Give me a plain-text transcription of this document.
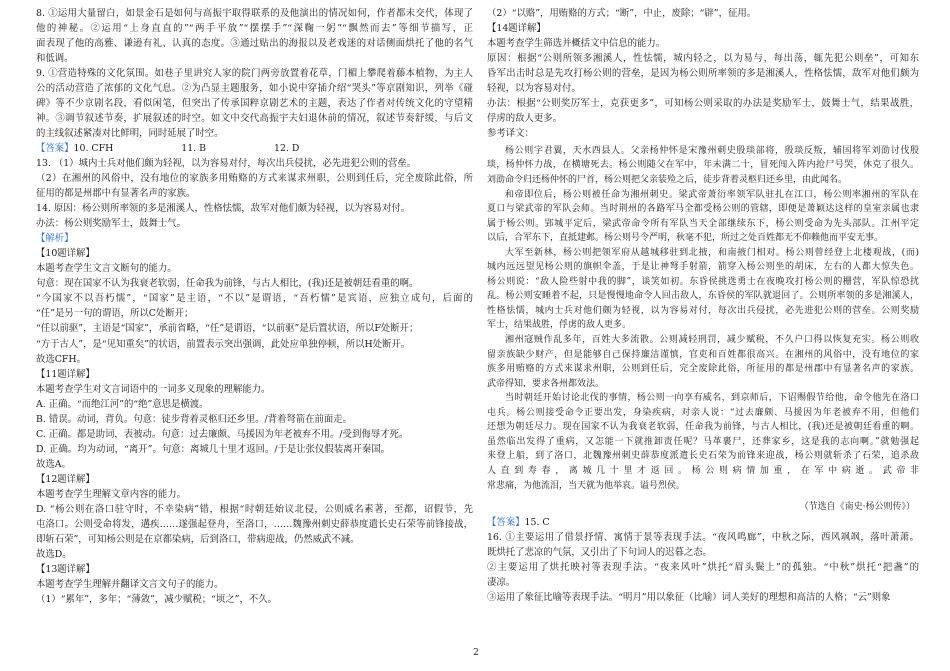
8. ①运用大量留白，如景金石是如何与高振宇取得联系的及他演出的情况如何，作者都未交代，体现了
他的神秘。②运用“上身直直的”“两手平放”“摆摆手”“深鞠一躬”“飘然而去”等细节描写，正
面表现了他的高雅、谦逊有礼、认真的态度。③通过贴出的海报以及老戏迷的对话侧面烘托了他的名气
和低调。
9. ①营造特殊的文化氛围。如巷子里讲究人家的院门两旁放置着花草，门楣上攀爬着藤本植物，为主人
公的活动营造了浓郁的文化气息。②为凸显主题服务，如小说中穿插介绍“哭头”等京剧知识，列举《碰
碑》等不少京剧名段，看似闲笔，但突出了传承国粹京剧艺术的主题，表达了作者对传统文化的守望精
神。③调节叙述节奏，扩展叙述的时空。如文中交代高振宇夫妇退休前的情况，叙述节奏舒缓，与后文
的主线叙述紧凑对比鲜明，同时延展了时空。
【答案】10. CFH	11. B	12. D
13. （1）城内士兵对他们颇为轻视，以为容易对付，每次出兵侵扰，必先进犯公则的营垒。
（2）在湘州的风俗中，没有地位的家族多用贿赂的方式来谋求州职，公则到任后，完全废除此俗，所
征用的都是州郡中有显著名声的家族。
14. 原因：杨公则所率领的多是湘溪人，性格怯懦，敌军对他们颇为轻视，以为容易对付。
办法：杨公则奖励军士，鼓舞士气。
【解析】
【10题详解】
本题考查学生文言文断句的能力。
句意：现在国家不认为我衰老软弱，任命我为前锋，与古人相比，(我)还是被朝廷看重的啊。
“今国家不以吾朽懦”，“国家”是主语，“不以”是谓语，“吾朽懦”是宾语，应独立成句，后面的
“任”是另一句的谓语，所以C处断开；
“任以前驱”，主语是“国家”，承前省略，“任”是谓语，“以前驱”是后置状语，所以F处断开；
“方于古人”，是“见知重矣”的状语，前置表示突出强调，此处应单独停顿，所以H处断开。
故选CFH。
【11题详解】
本题考查学生对文言词语中的一词多义现象的理解能力。
A. 正确。“而绝江河”的“绝”意思是横渡。
B. 错误。动词，背负。句意：徒步背着灵柩归还乡里。/背着弩箭在前面走。
C. 正确。都是助词，表被动。句意：过去廉颇、马援因为年老被弃不用。/受到侮辱才死。
D. 正确。均为动词，“离开”。句意：离城几十里才返回。/于是让张仪假装离开秦国。
故选A。
【12题详解】
本题考查学生理解文章内容的能力。
D. “杨公则在洛口驻守时，不幸染病”错，根据“时朝廷始议北侵，公则威名素著，至都，诏假节，先
屯洛口。公则受命将发，遘疾……遂强起登舟，至洛口，……魏豫州刺史薛恭度遣长史石荣等前锋接战，
即斩石荣”，可知杨公则是在京都染病，后到洛口，带病迎战，仍然威武不减。
故选D。
【13题详解】
本题考查学生理解并翻译文言文句子的能力。
（1）“累年”，多年；“薄敛”，减少赋税；“顷之”，不久。
（2）“以赂”，用贿赂的方式；“断”，中止，废除；“辟”，征用。
【14题详解】
本题考查学生筛选并概括文中信息的能力。
原因：根据“公则所领多湘溪人，性怯懦，城内轻之，以为易与，每出荡，辄先犯公则垒”，可知东
昏军出击时总是先攻打杨公则的营垒，是因为杨公则所率领的多是湘溪人，性格怯懦，敌军对他们颇为
轻视，以为容易对付。
办法：根据“公则奖厉军士，克获更多”，可知杨公则采取的办法是奖励军士，鼓舞士气，结果战胜，
俘虏的敌人更多。
参考译文：
杨公则字君翼，天水西县人。父亲杨仲怀是宋豫州刺史殷琰部将，殷琰反叛，辅国将军刘劭讨伐殷
琰，杨仲怀力战，在横塘死去。杨公则随父在军中，年未满二十，冒死闯入阵内抢尸号哭，休克了很久。
刘劭命令归还杨仲怀的尸首，杨公则把父亲装殓之后，徒步背着灵柩归还乡里，由此闻名。
和帝即位后，杨公则被任命为湘州刺史。梁武帝萧衍率领军队驻扎在江口，杨公则率湘州的军队在
夏口与梁武帝的军队会师。当时荆州的各路军马全都受杨公则的管辖，即便是萧颖达这样的皇室亲属也隶
属于杨公则。郢城平定后，梁武帝命令所有军队当天全部继续东下，杨公则受命为先头部队。江州平定
以后，合军东下，直抵建邺。杨公则号令严明，秋毫不犯，所过之处百姓都无不仰赖他而平安无事。
大军至新林，杨公则把领军府从越城移驻到北掖，和南掖门相对。杨公则曾经登上北楼观战，(而)
城内远远望见杨公则的旗帜伞盖，于是让神弩手射箭，箭穿入杨公则坐的胡床，左右的人都大惊失色。
杨公则说：“敌人险些射中我的脚”，谈笑如初。东昏侯挑选勇士在夜晚攻打杨公则的栅营，军队惊恐扰
乱。杨公则安睡着不起，只是慢慢地命令人回击敌人，东昏侯的军队就退回了。公则所率领的多是湘溪人，
性格怯懦，城内士兵对他们颇为轻视，以为容易对付，每次出兵侵扰，必先进犯公则的营垒。公则奖励
军士，结果战胜，俘虏的敌人更多。
湘州寇贼作乱多年，百姓大多流散。公则减轻刑罚，减少赋税，不久户口得以恢复充实。杨公则收
留亲族缺少财产，但是能够自己保持廉洁谨慎，官吏和百姓都很高兴。在湘州的风俗中，没有地位的家
族多用贿赂的方式来谋求州职，公则到任后，完全废除此俗，所征用的都是州郡中有显著名声的家族。
武帝得知，要求各州都效法。
当时朝廷开始讨论北伐的事情，杨公则一向享有威名，到京师后，下诏赐假节给他，命令他先在洛口
屯兵。杨公则接受命令正要出发，身染疾病，对亲人说：“过去廉颇、马援因为年老被弃不用，但他们
还想为朝廷尽力。现在国家不认为我衰老软弱，任命我为前锋，与古人相比，(我)还是被朝廷看重的啊。
虽然临出发得了重病，又怎能一下就推卸责任呢？马革裹尸，还葬家乡，这是我的志向啊。”就勉强起
来登上船，到了洛口，北魏豫州刺史薛恭度派遣长史石荣为前锋来迎战，杨公则就斩杀了石荣，追杀敌
人直到寿春，离城几十里才返回。杨公则病情加重，在军中病逝。武帝非
常悲痛，为他流泪，当天就为他举哀。谥号烈侯。
（节选自《南史·杨公则传》）
【答案】15. C
16. ①主要运用了借景抒情、寓情于景等表现手法。“夜风鸣廊”，中秋之际，西风飒飒，落叶萧萧。
既烘托了悲凉的气氛，又引出了下句词人的迟暮之态。
②主要运用了烘托映衬等表现手法。“夜来风叶”烘托“眉头鬓上”的孤独。“中秋”烘托“把盏”的
凄凉。
③运用了象征比喻等表现手法。“明月”用以象征（比喻）词人美好的理想和高洁的人格；“云”则象
2
